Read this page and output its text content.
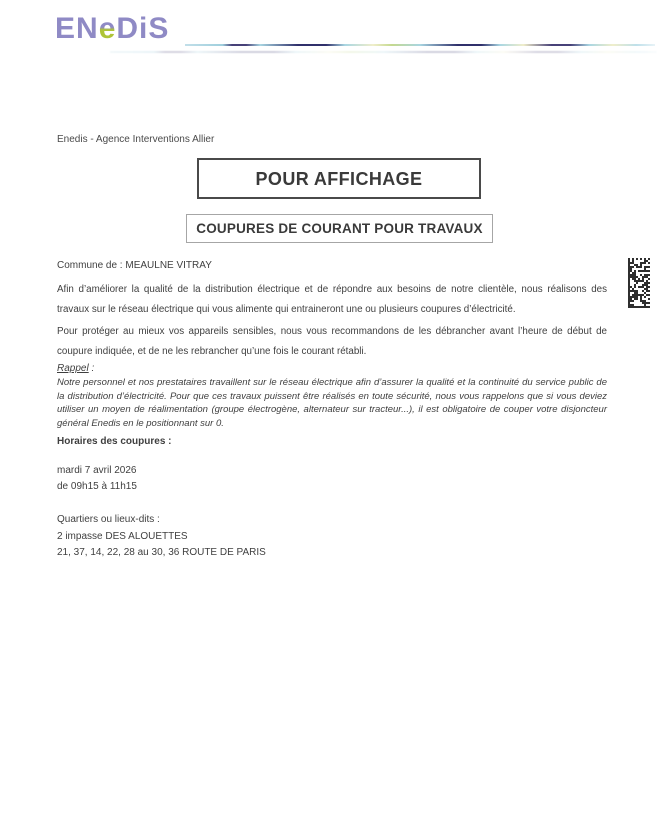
ENeDiS
Enedis - Agence Interventions Allier
POUR AFFICHAGE
COUPURES DE COURANT POUR TRAVAUX
Commune de : MEAULNE VITRAY
Afin d’améliorer la qualité de la distribution électrique et de répondre aux besoins de notre clientèle, nous réalisons des travaux sur le réseau électrique qui vous alimente qui entraineront une ou plusieurs coupures d’électricité.
Pour protéger au mieux vos appareils sensibles, nous vous recommandons de les débrancher avant l’heure de début de coupure indiquée, et de ne les rebrancher qu’une fois le courant rétabli.
Rappel :
Notre personnel et nos prestataires travaillent sur le réseau électrique afin d’assurer la qualité et la continuité du service public de la distribution d’électricité. Pour que ces travaux puissent être réalisés en toute sécurité, nous vous rappelons que si vous deviez utiliser un moyen de réalimentation (groupe électrogène, alternateur sur tracteur...), il est obligatoire de couper votre disjoncteur général Enedis en le positionnant sur 0.
Horaires des coupures :
mardi 7 avril 2026
de 09h15 à 11h15
Quartiers ou lieux-dits :
2 impasse DES ALOUETTES
21, 37, 14, 22, 28 au 30, 36 ROUTE DE PARIS
